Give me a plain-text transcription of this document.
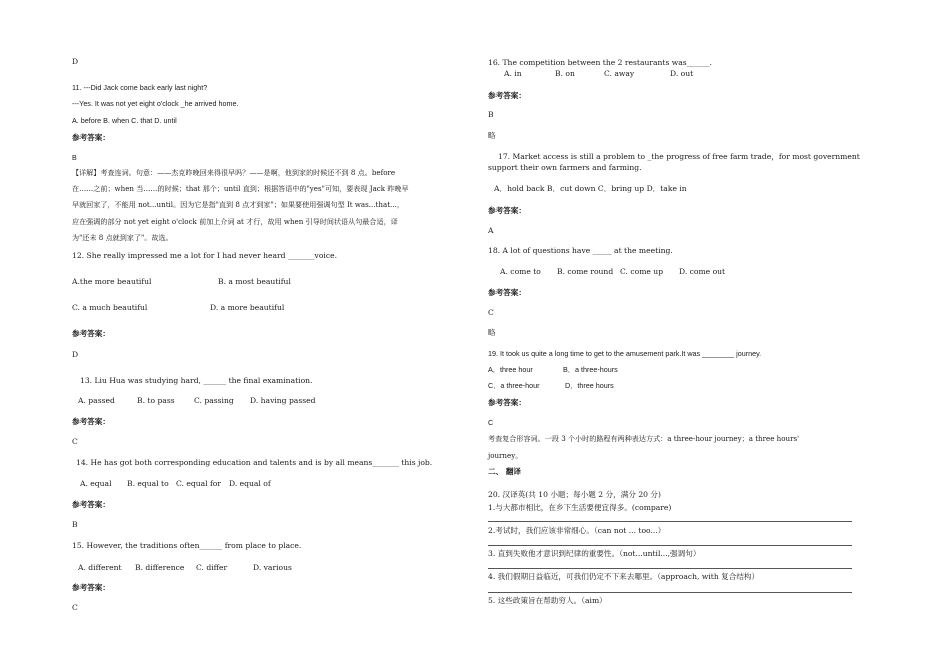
D
11. ---Did Jack come back early last night?
---Yes. It was not yet eight o'clock _he arrived home.
A. before B. when C. that D. until
参考答案：
B
【详解】考查连词。句意：——杰克昨晚回来得很早吗？——是啊，他到家的时候还不到 8 点。before
在……之前；when 当……的时候；that 那个；until 直到；根据答语中的"yes"可知，要表现 Jack 昨晚早
早就回家了，不能用 not...until。因为它是指"直到 8 点才到家"；如果要使用强调句型 It was...that...，
应在强调的部分 not yet eight o'clock 前加上介词 at 才行，故用 when 引导时间状语从句最合适，译
为"还未 8 点就到家了"。故选。
12. She really impressed me a lot for I had never heard _______voice.
A.the more beautiful	B. a most beautiful
C. a much beautiful	D. a more beautiful
参考答案：
D
13. Liu Hua was studying hard, ______ the final examination.
A. passed	B. to pass	C. passing D. having passed
参考答案：
C
14. He has got both corresponding education and talents and is by all means_______ this job.
A. equal B. equal to C. equal for D. equal of
参考答案：
B
15. However, the traditions often______ from place to place.
A. different B. difference C. differ	D. various
参考答案：
C
16. The competition between the 2 restaurants was______.
A. in	B. on	C. away	D. out
参考答案：
B
略
17. Market access is still a problem to _the progress of free farm trade，for most government
support their own farmers and farming.
A．hold back B．cut down C．bring up D．take in
参考答案：
A
18. A lot of questions have _____ at the meeting.
A. come to B. come round C. come up D. come out
参考答案：
C
略
19. It took us quite a long time to get to the amusement park.It was ________ journey.
A．three hour	B．a three-hours
C．a three-hour	D．three hours
参考答案：
C
考查复合形容词。一段 3 个小时的路程有两种表达方式：a three-hour journey；a three hours'
journey。
二、 翻译
20. 汉译英(共 10 小题；每小题 2 分，满分 20 分)
1.与大都市相比，在乡下生活要便宜得多。(compare)
2.考试时，我们应该非常细心。（can not ... too...）
3. 直到失败他才意识到纪律的重要性。（not...until...,强调句）
4. 我们假期日益临近，可我们仍定不下来去哪里。（approach, with 复合结构）
5. 这些政策旨在帮助穷人。（aim）
